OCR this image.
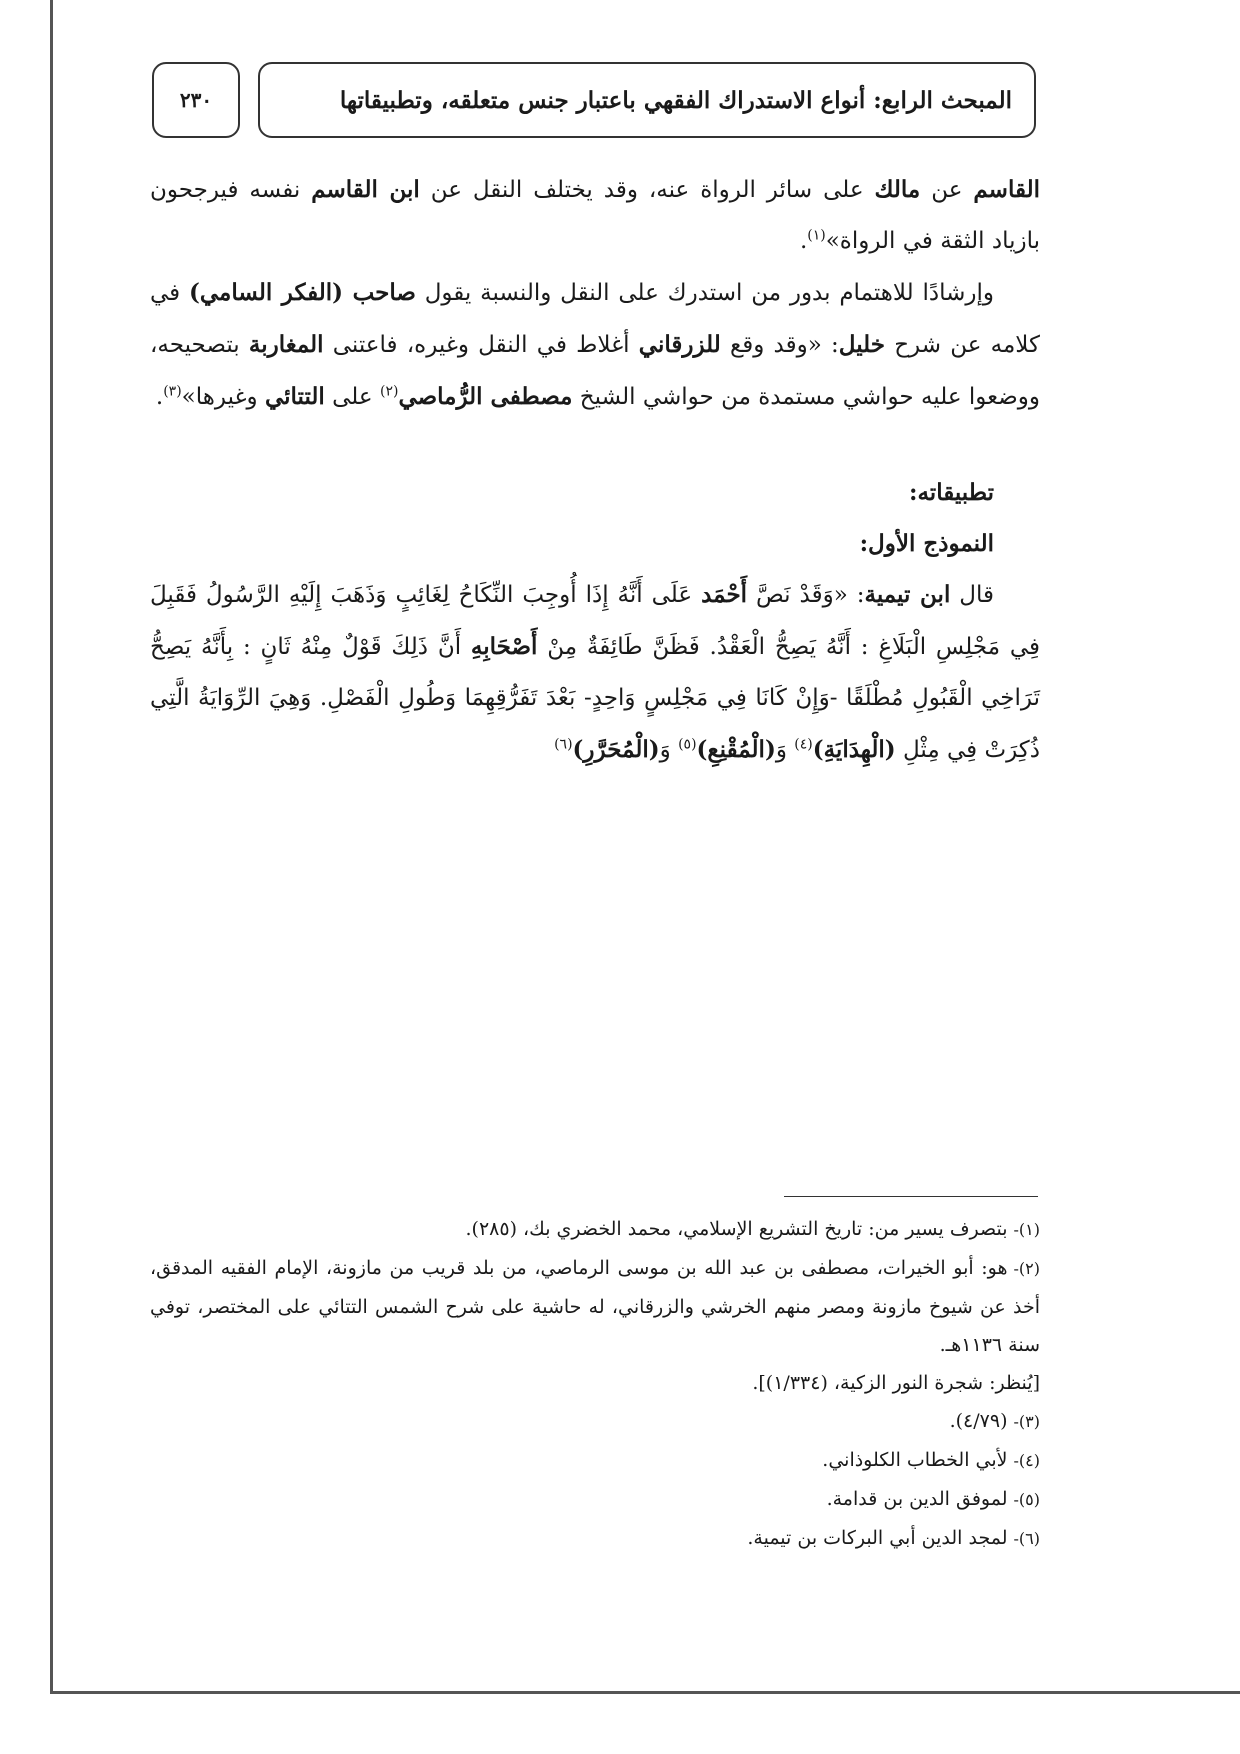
المبحث الرابع: أنواع الاستدراك الفقهي باعتبار جنس متعلقه، وتطبيقاتها
٢٣٠

القاسم عن مالك على سائر الرواة عنه، وقد يختلف النقل عن ابن القاسم نفسه فيرجحون بازياد الثقة في الرواة»$^{(١)}$.

وإرشادًا للاهتمام بدور من استدرك على النقل والنسبة يقول صاحب (الفكر السامي) في كلامه عن شرح خليل: «وقد وقع للزرقاني أغلاط في النقل وغيره، فاعتنى المغاربة بتصحيحه، ووضعوا عليه حواشي مستمدة من حواشي الشيخ مصطفى الرُّماصي$^{(٢)}$ على التتائي وغيرها»$^{(٣)}$.

تطبيقاته:

النموذج الأول:

قال ابن تيمية: «وَقَدْ نَصَّ أَحْمَد عَلَى أَنَّهُ إِذَا أُوجِبَ النِّكَاحُ لِغَائِبٍ وَذَهَبَ إِلَيْهِ الرَّسُولُ فَقَبِلَ فِي مَجْلِسِ الْبَلَاغِ : أَنَّهُ يَصِحُّ الْعَقْدُ. فَظَنَّ طَائِفَةٌ مِنْ أَصْحَابِهِ أَنَّ ذَلِكَ قَوْلٌ مِنْهُ ثَانٍ : بِأَنَّهُ يَصِحُّ تَرَاخِي الْقَبُولِ مُطْلَقًا -وَإِنْ كَانَا فِي مَجْلِسٍ وَاحِدٍ- بَعْدَ تَفَرُّقِهِمَا وَطُولِ الْفَصْلِ. وَهِيَ الرِّوَايَةُ الَّتِي ذُكِرَتْ فِي مِثْلِ (الْهِدَايَةِ)$^{(٤)}$ وَ(الْمُقْنِعِ)$^{(٥)}$ وَ(الْمُحَرَّرِ)$^{(٦)}$

(١)-بتصرف يسير من: تاريخ التشريع الإسلامي، محمد الخضري بك، (٢٨٥).

(٢)-هو: أبو الخيرات، مصطفى بن عبد الله بن موسى الرماصي، من بلد قريب من مازونة، الإمام الفقيه المدقق، أخذ عن شيوخ مازونة ومصر منهم الخرشي والزرقاني، له حاشية على شرح الشمس التتائي على المختصر، توفي سنة ١١٣٦هـ.

[يُنظر: شجرة النور الزكية، (١/٣٣٤)].

(٣)-(٤/٧٩).

(٤)-لأبي الخطاب الكلوذاني.

(٥)-لموفق الدين بن قدامة.

(٦)-لمجد الدين أبي البركات بن تيمية.
